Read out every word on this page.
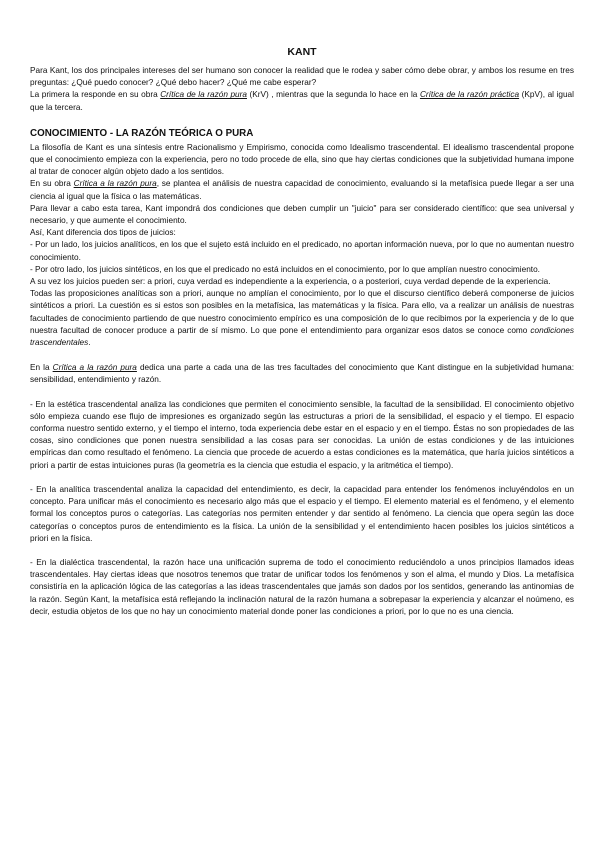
KANT

Para Kant, los dos principales intereses del ser humano son conocer la realidad que le rodea y saber cómo debe obrar, y ambos los resume en tres preguntas: ¿Qué puedo conocer? ¿Qué debo hacer? ¿Qué me cabe esperar?

La primera la responde en su obra Crítica de la razón pura (KrV) , mientras que la segunda lo hace en la Crítica de la razón práctica (KpV), al igual que la tercera.

CONOCIMIENTO - LA RAZÓN TEÓRICA O PURA

La filosofía de Kant es una síntesis entre Racionalismo y Empirismo, conocida como Idealismo trascendental. El idealismo trascendental propone que el conocimiento empieza con la experiencia, pero no todo procede de ella, sino que hay ciertas condiciones que la subjetividad humana impone al tratar de conocer algún objeto dado a los sentidos.

En su obra Crítica a la razón pura, se plantea el análisis de nuestra capacidad de conocimiento, evaluando si la metafísica puede llegar a ser una ciencia al igual que la física o las matemáticas.

Para llevar a cabo esta tarea, Kant impondrá dos condiciones que deben cumplir un "juicio" para ser considerado científico: que sea universal y necesario, y que aumente el conocimiento.

Así, Kant diferencia dos tipos de juicios:

- Por un lado, los juicios analíticos, en los que el sujeto está incluido en el predicado, no aportan información nueva, por lo que no aumentan nuestro conocimiento.

- Por otro lado, los juicios sintéticos, en los que el predicado no está incluidos en el conocimiento, por lo que amplían nuestro conocimiento.

A su vez los juicios pueden ser: a priori, cuya verdad es independiente a la experiencia, o a posteriori, cuya verdad depende de la experiencia.

Todas las proposiciones analíticas son a priori, aunque no amplían el conocimiento, por lo que el discurso científico deberá componerse de juicios sintéticos a priori. La cuestión es si estos son posibles en la metafísica, las matemáticas y la física. Para ello, va a realizar un análisis de nuestras facultades de conocimiento partiendo de que nuestro conocimiento empírico es una composición de lo que recibimos por la experiencia y de lo que nuestra facultad de conocer produce a partir de sí mismo. Lo que pone el entendimiento para organizar esos datos se conoce como condiciones trascendentales.

En la Crítica a la razón pura dedica una parte a cada una de las tres facultades del conocimiento que Kant distingue en la subjetividad humana: sensibilidad, entendimiento y razón.

- En la estética trascendental analiza las condiciones que permiten el conocimiento sensible, la facultad de la sensibilidad. El conocimiento objetivo sólo empieza cuando ese flujo de impresiones es organizado según las estructuras a priori de la sensibilidad, el espacio y el tiempo. El espacio conforma nuestro sentido externo, y el tiempo el interno, toda experiencia debe estar en el espacio y en el tiempo. Éstas no son propiedades de las cosas, sino condiciones que ponen nuestra sensibilidad a las cosas para ser conocidas. La unión de estas condiciones y de las intuiciones empíricas dan como resultado el fenómeno. La ciencia que procede de acuerdo a estas condiciones es la matemática, que haría juicios sintéticos a priori a partir de estas intuiciones puras (la geometría es la ciencia que estudia el espacio, y la aritmética el tiempo).

- En la analítica trascendental analiza la capacidad del entendimiento, es decir, la capacidad para entender los fenómenos incluyéndolos en un concepto. Para unificar más el conocimiento es necesario algo más que el espacio y el tiempo. El elemento material es el fenómeno, y el elemento formal los conceptos puros o categorías. Las categorías nos permiten entender y dar sentido al fenómeno. La ciencia que opera según las doce categorías o conceptos puros de entendimiento es la física. La unión de la sensibilidad y el entendimiento hacen posibles los juicios sintéticos a priori en la física.

- En la dialéctica trascendental, la razón hace una unificación suprema de todo el conocimiento reduciéndolo a unos principios llamados ideas trascendentales. Hay ciertas ideas que nosotros tenemos que tratar de unificar todos los fenómenos y son el alma, el mundo y Dios. La metafísica consistiría en la aplicación lógica de las categorías a las ideas trascendentales que jamás son dados por los sentidos, generando las antinomias de la razón. Según Kant, la metafísica está reflejando la inclinación natural de la razón humana a sobrepasar la experiencia y alcanzar el noúmeno, es decir, estudia objetos de los que no hay un conocimiento material donde poner las condiciones a priori, por lo que no es una ciencia.
